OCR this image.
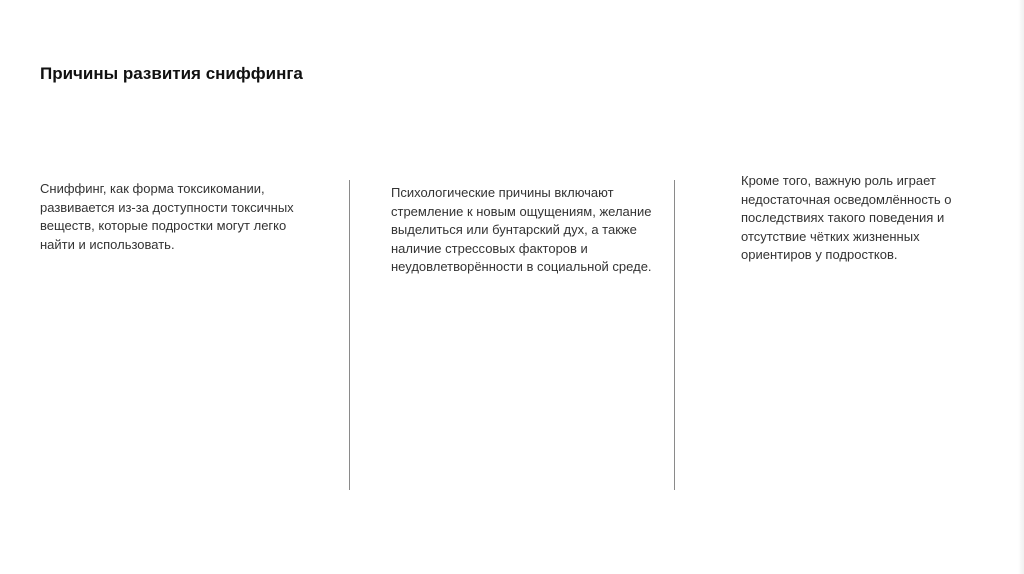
Причины развития сниффинга

Сниффинг, как форма токсикомании, развивается из-за доступности токсичных веществ, которые подростки могут легко найти и использовать.

Психологические причины включают стремление к новым ощущениям, желание выделиться или бунтарский дух, а также наличие стрессовых факторов и неудовлетворённости в социальной среде.

Кроме того, важную роль играет недостаточная осведомлённость о последствиях такого поведения и отсутствие чётких жизненных ориентиров у подростков.
